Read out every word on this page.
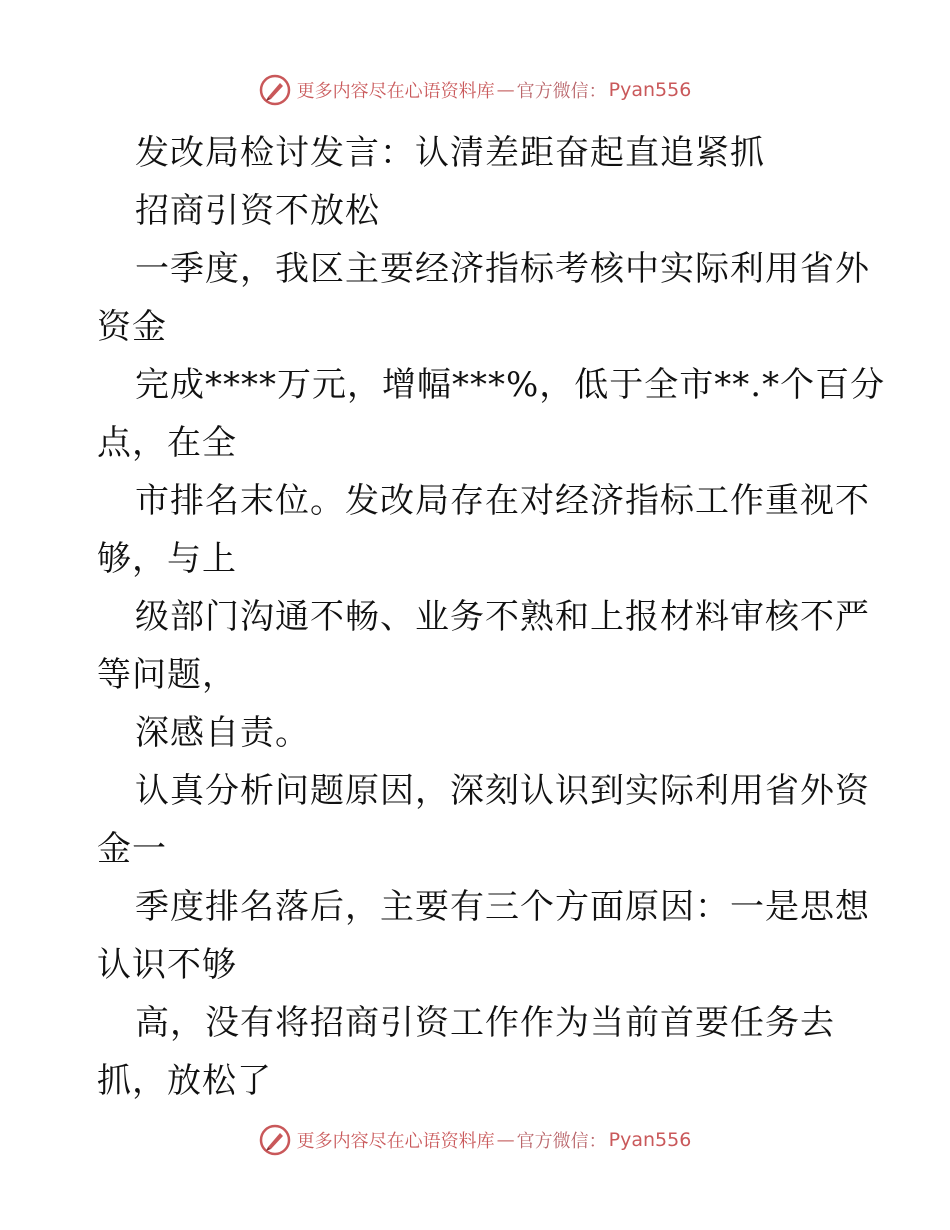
更多内容尽在心语资料库 — 官方微信： Pyan556
发改局检讨发言：认清差距奋起直追紧抓
招商引资不放松
一季度，我区主要经济指标考核中实际利用省外
资金
完成****万元，增幅***%，低于全市**.*个百分
点，在全
市排名末位。发改局存在对经济指标工作重视不
够，与上
级部门沟通不畅、业务不熟和上报材料审核不严
等问题，
深感自责。
认真分析问题原因，深刻认识到实际利用省外资
金一
季度排名落后，主要有三个方面原因：一是思想
认识不够
高，没有将招商引资工作作为当前首要任务去
抓，放松了
更多内容尽在心语资料库 — 官方微信： Pyan556
